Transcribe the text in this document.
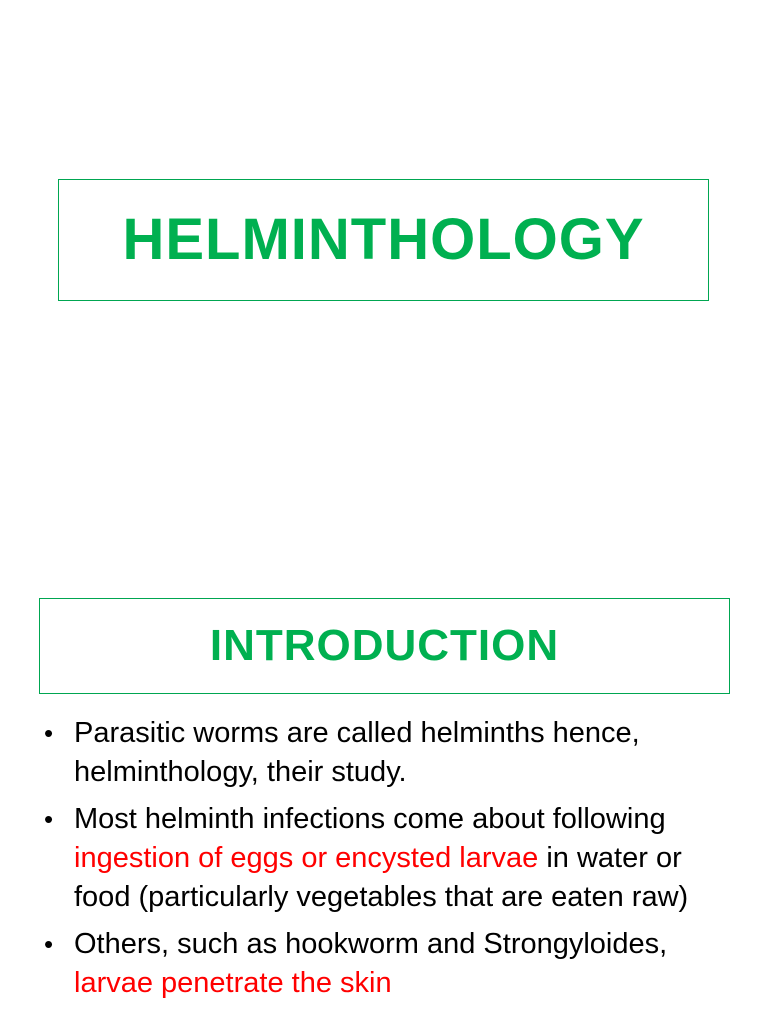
HELMINTHOLOGY
INTRODUCTION
• Parasitic worms are called helminths hence, helminthology, their study.
• Most helminth infections come about following ingestion of eggs or encysted larvae in water or food (particularly vegetables that are eaten raw)
• Others, such as hookworm and Strongyloides, larvae penetrate the skin
